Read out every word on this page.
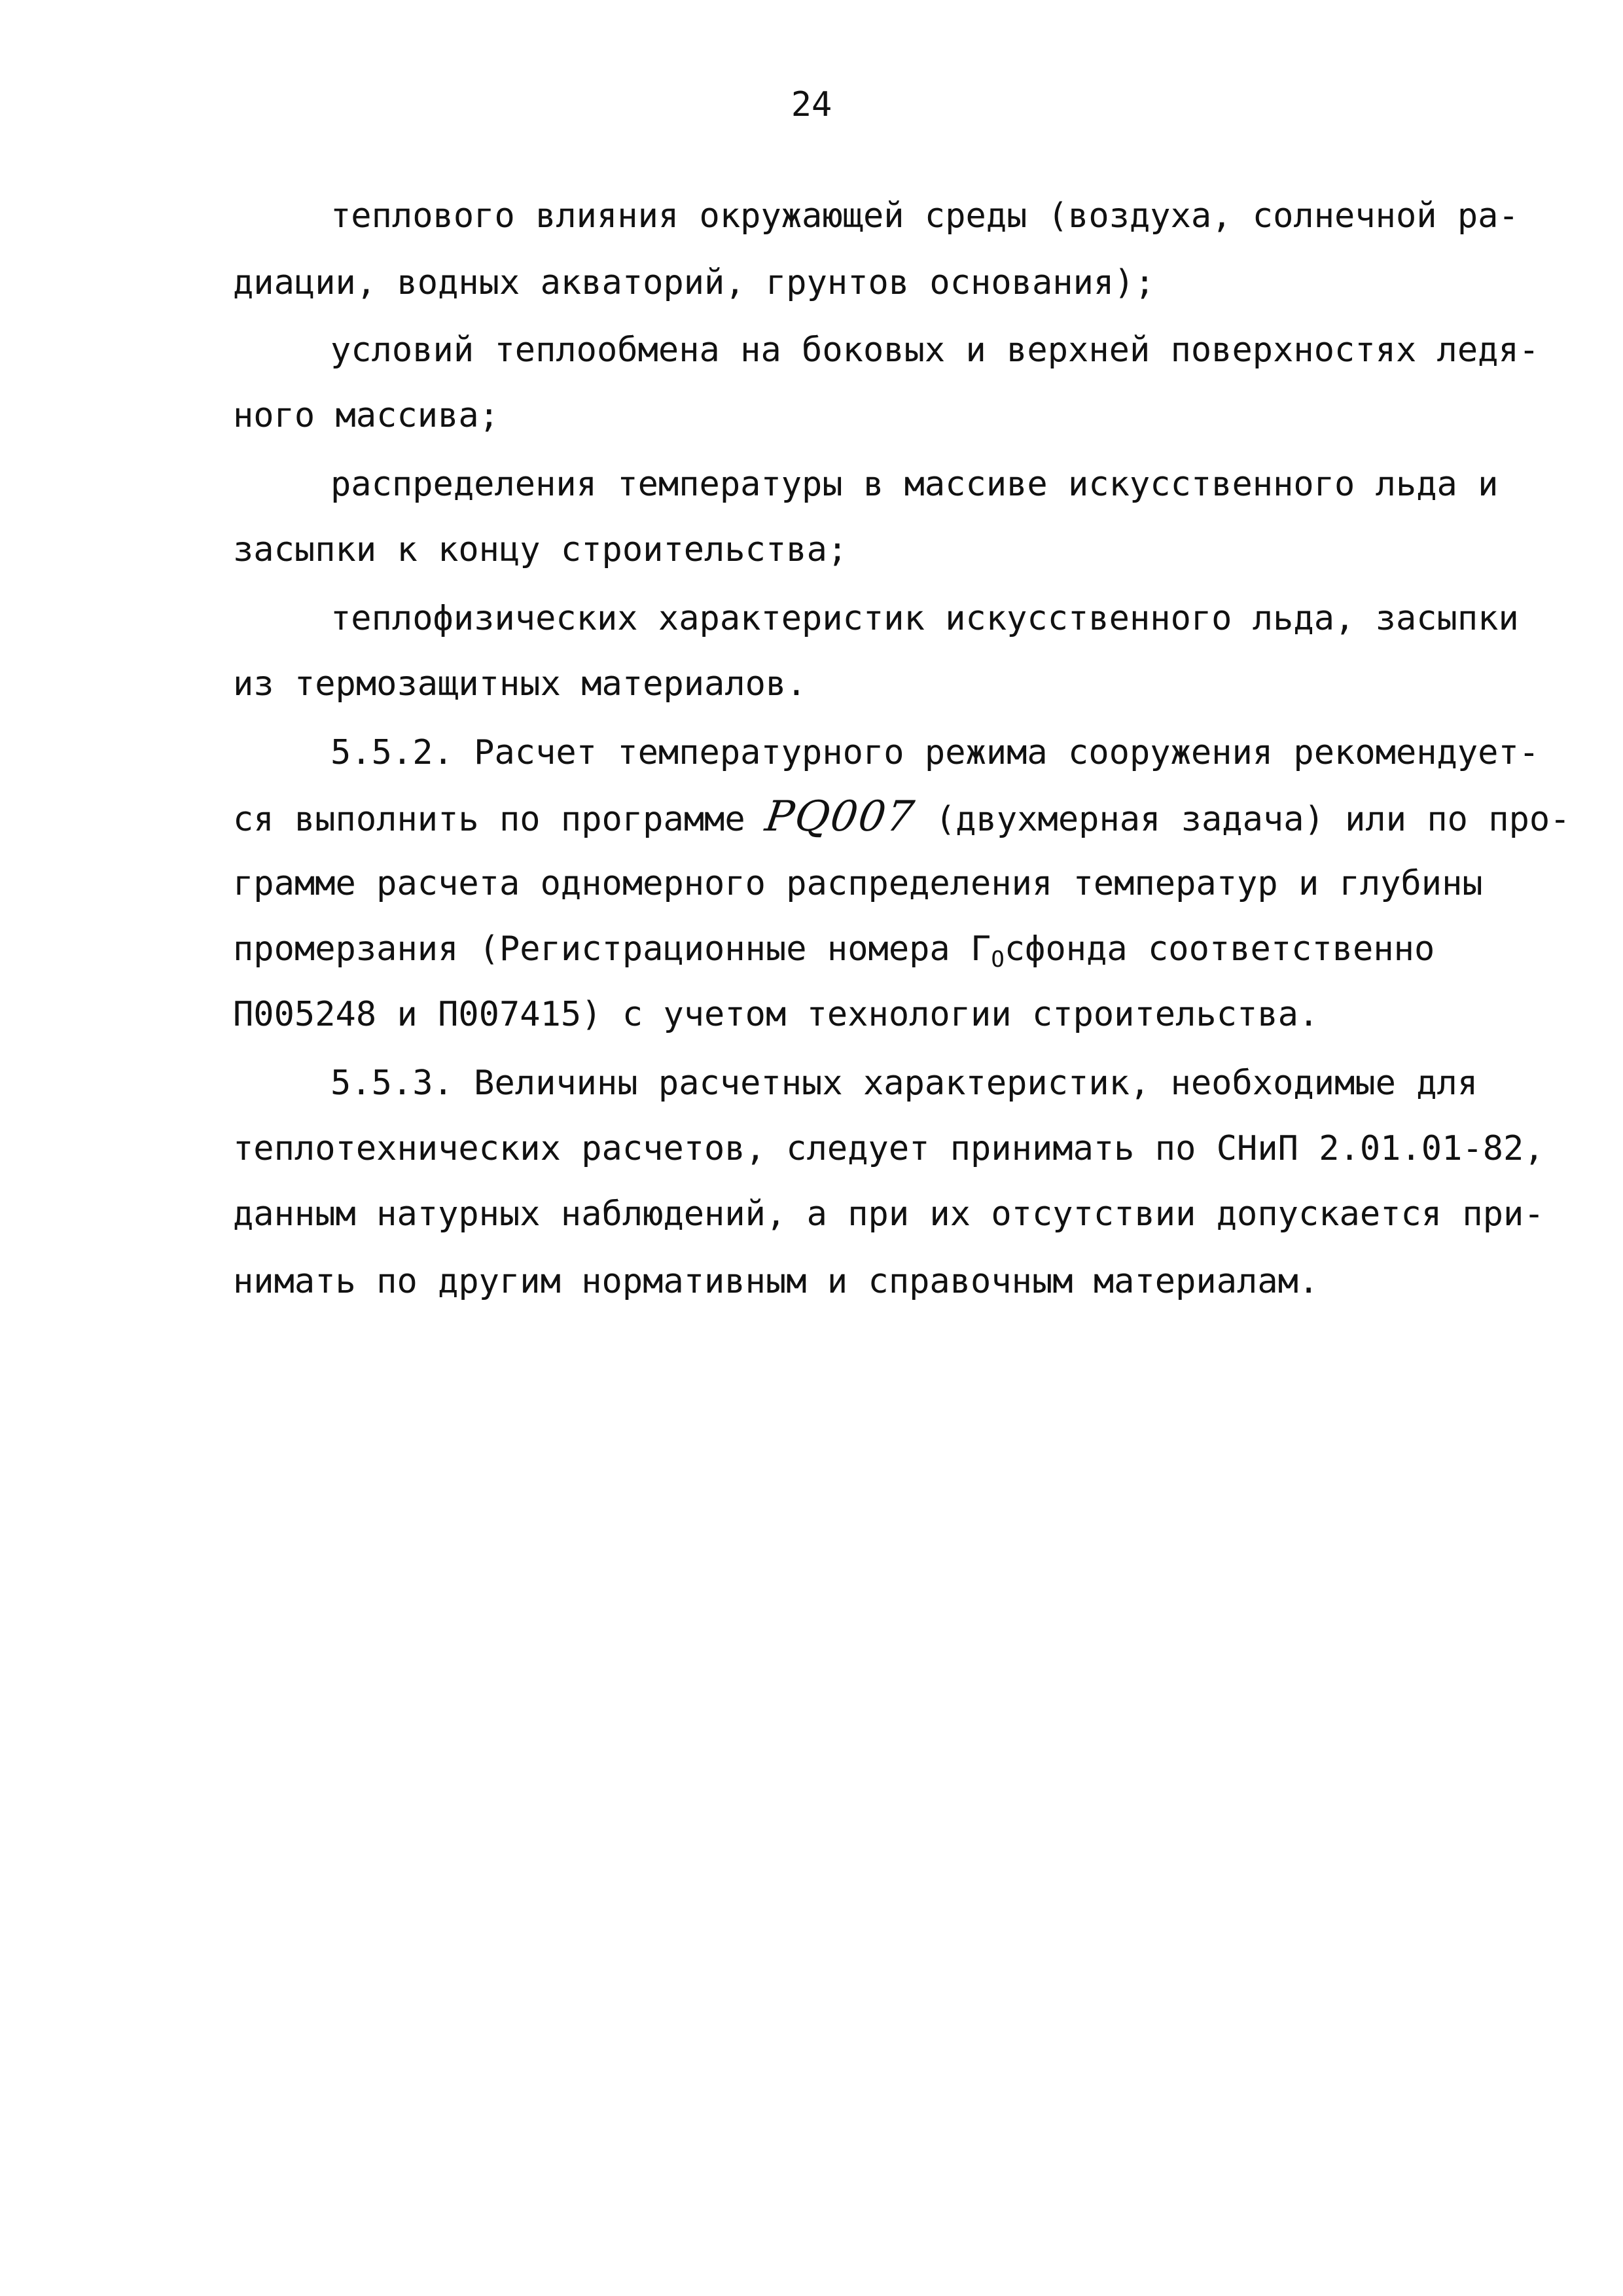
24
теплового влияния окружающей среды (воздуха, солнечной ра-
диации, водных акваторий, грунтов основания);
условий теплообмена на боковых и верхней поверхностях ледя-
ного массива;
распределения температуры в массиве искусственного льда и
засыпки к концу строительства;
теплофизических характеристик искусственного льда, засыпки
из термозащитных материалов.
5.5.2. Расчет температурного режима сооружения рекомендует-
ся выполнить по программе PQ007 (двухмерная задача) или по про-
грамме расчета одномерного распределения температур и глубины
промерзания (Регистрационные номера $Г_Осфонда$ соответственно
П005248 и П007415) с учетом технологии строительства.
5.5.3. Величины расчетных характеристик, необходимые для
теплотехнических расчетов, следует принимать по СНиП 2.01.01-82,
данным натурных наблюдений, а при их отсутствии допускается при-
нимать по другим нормативным и справочным материалам.
